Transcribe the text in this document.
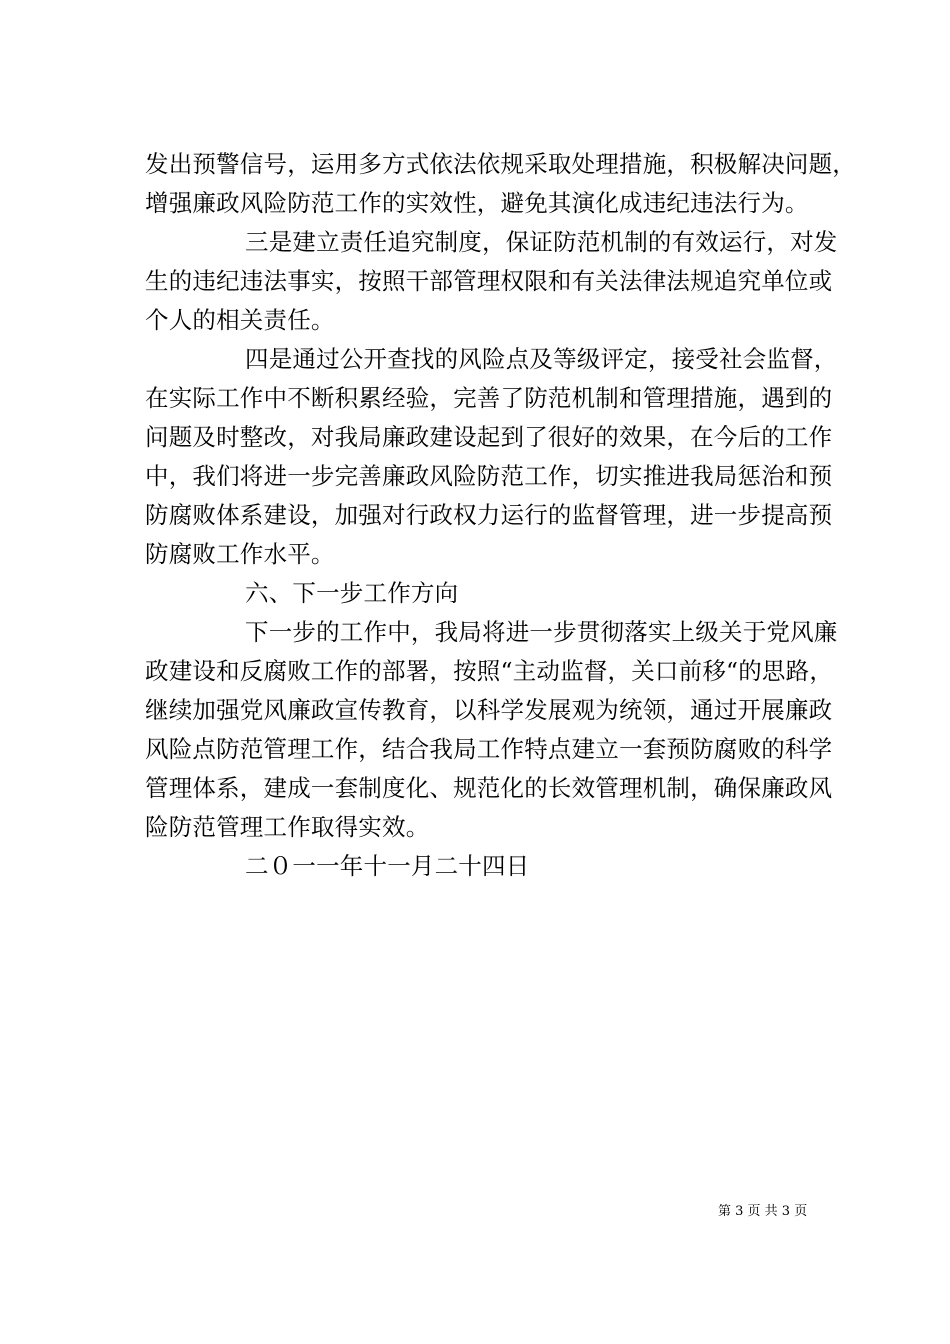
发出预警信号，运用多方式依法依规采取处理措施，积极解决问题，
增强廉政风险防范工作的实效性，避免其演化成违纪违法行为。
三是建立责任追究制度，保证防范机制的有效运行，对发
生的违纪违法事实，按照干部管理权限和有关法律法规追究单位或
个人的相关责任。
四是通过公开查找的风险点及等级评定，接受社会监督，
在实际工作中不断积累经验，完善了防范机制和管理措施，遇到的
问题及时整改，对我局廉政建设起到了很好的效果，在今后的工作
中，我们将进一步完善廉政风险防范工作，切实推进我局惩治和预
防腐败体系建设，加强对行政权力运行的监督管理，进一步提高预
防腐败工作水平。
六、下一步工作方向
下一步的工作中，我局将进一步贯彻落实上级关于党风廉
政建设和反腐败工作的部署，按照“主动监督，关口前移“的思路，
继续加强党风廉政宣传教育，以科学发展观为统领，通过开展廉政
风险点防范管理工作，结合我局工作特点建立一套预防腐败的科学
管理体系，建成一套制度化、规范化的长效管理机制，确保廉政风
险防范管理工作取得实效。
二０一一年十一月二十四日
第 3 页 共 3 页
